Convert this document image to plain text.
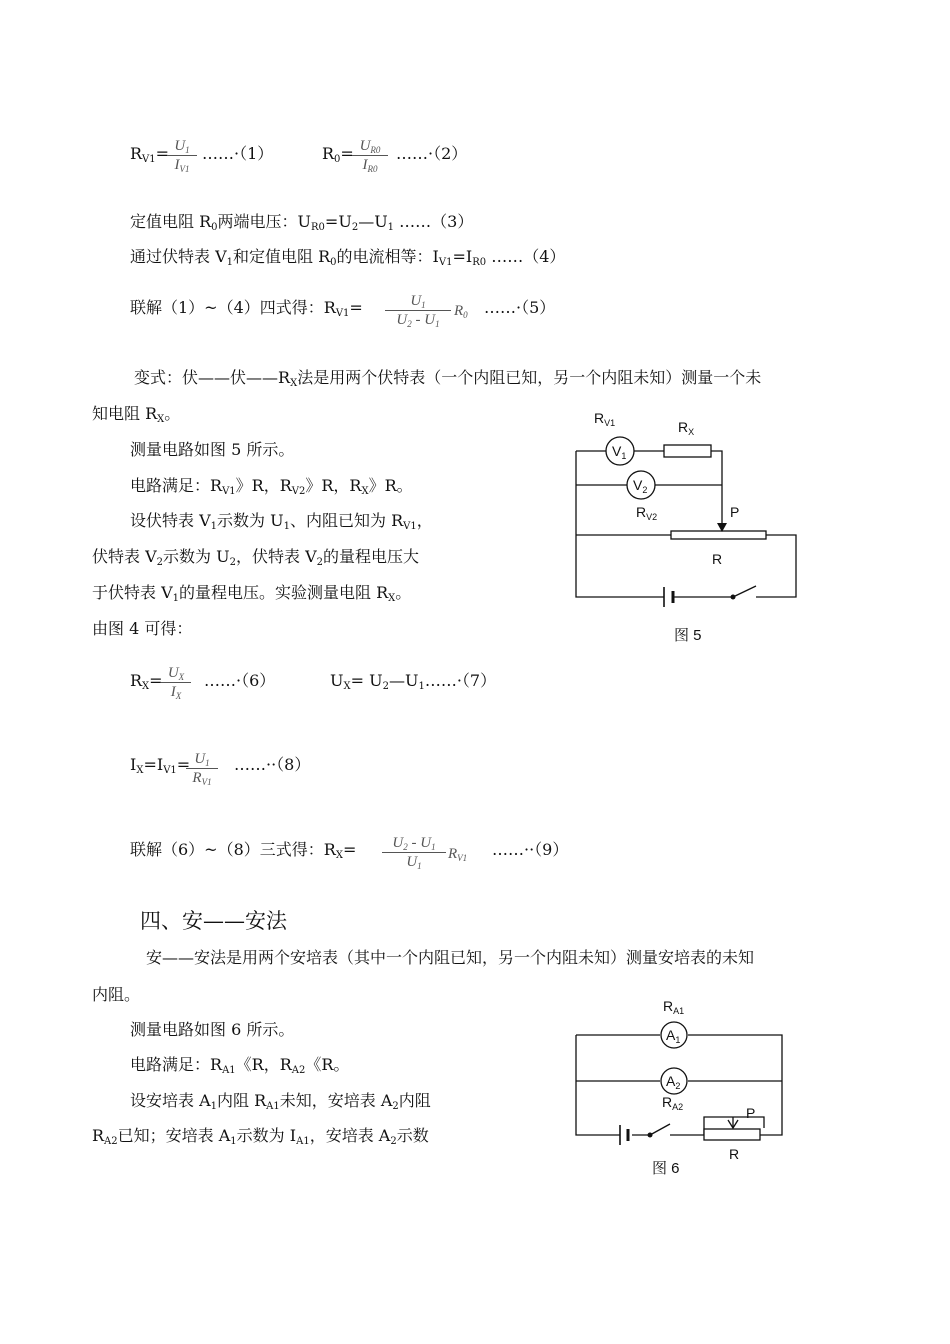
$R_{V1}= U_1$
$I_{V1}$
……·（1）	$R_0= U_{R0}$
$I_{R0}$
……·（2）
定值电阻 $R_0$两端电压：$U_{R0}=U_2—U_1$ ……（3）
通过伏特表 $V_1$和定值电阻 $R_0$的电流相等：$I_{V1}=I_{R0}$ ……（4）
联解（1）~（4）四式得：$R_{V1}=$	$U_1$
$U_2 - U_1$
$R_0$ ……·（5）
变式：伏——伏$——R_X$法是用两个伏特表（一个内阻已知，另一个内阻未知）测量一个未
知电阻 $R_X$。
测量电路如图 5 所示。
电路满足：$R_{V1}$》R，$R_{V2}$》R，$R_X$》R。
设伏特表 $V_1$示数为 $U_1$、内阻已知为 $R_{V1}$，
伏特表 $V_2$示数为 $U_2$，伏特表 $V_2$的量程电压大
于伏特表 $V_1$的量程电压。实验测量电阻 $R_X$。
由图 4 可得：
$R_{V1}$	$R_X$
$V_1$
$V_2$
$R_{V2}$	P
R
图 5
$R_X= U_X$
$I_X$
……·（6）	$U_X=$ $U_2—U_1\dots\dots\cdot(7)$
$I_X=I_{V1}= U_1$
$R_{V1}$
……··（8）
联解（6）~（8）三式得：$R_X=$	$U_2 - U_1$
$U_1$
$R_{V1}$ ……··（9）
四、安——安法
安——安法是用两个安培表（其中一个内阻已知，另一个内阻未知）测量安培表的未知
内阻。
测量电路如图 6 所示。
电路满足：$R_{A1}$《R，$R_{A2}$《R。
设安培表 $A_1$内阻 $R_{A1}$未知，安培表 $A_2$内阻
$R_{A2}$已知；安培表 $A_1$示数为 $I_{A1}$，安培表 $A_2$示数
$R_{A1}$
$A_1$
$A_2$
$R_{A2}$	P
R
图 6
